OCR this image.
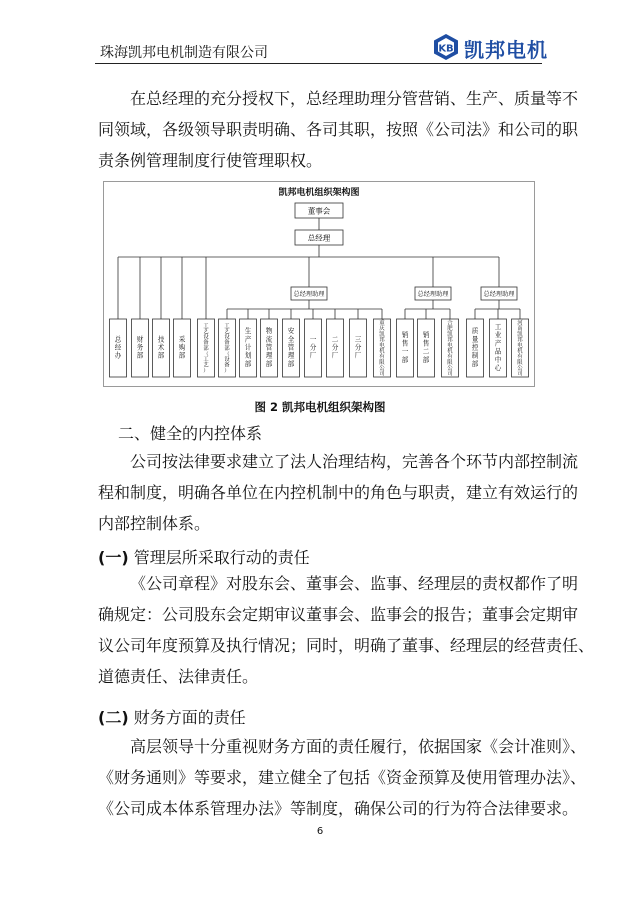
珠海凯邦电机制造有限公司	KB 凯邦电机
在总经理的充分授权下，总经理助理分管营销、生产、质量等不
同领域，各级领导职责明确、各司其职，按照《公司法》和公司的职
责条例管理制度行使管理职权。
凯邦电机组织架构图
董事会
总经理
总经理助理	总经理助理	总经理助理
总经办
财务部
技术部
采购部
工艺设备部（工艺）
工艺设备部（设备）
生产计划部
物流管理部
安全管理部
一分厂
二分厂
三分厂
重庆凯邦电机有限公司
销售一部
销售二部
合肥凯邦电机有限公司
质量控制部
工业产品中心
河南凯邦电机有限公司
图 2 凯邦电机组织架构图
二、健全的内控体系
公司按法律要求建立了法人治理结构，完善各个环节内部控制流
程和制度，明确各单位在内控机制中的角色与职责，建立有效运行的
内部控制体系。
(一) 管理层所采取行动的责任
《公司章程》对股东会、董事会、监事、经理层的责权都作了明
确规定：公司股东会定期审议董事会、监事会的报告；董事会定期审
议公司年度预算及执行情况；同时，明确了董事、经理层的经营责任、
道德责任、法律责任。
(二) 财务方面的责任
高层领导十分重视财务方面的责任履行，依据国家《会计准则》、
《财务通则》等要求，建立健全了包括《资金预算及使用管理办法》、
《公司成本体系管理办法》等制度，确保公司的行为符合法律要求。
6
